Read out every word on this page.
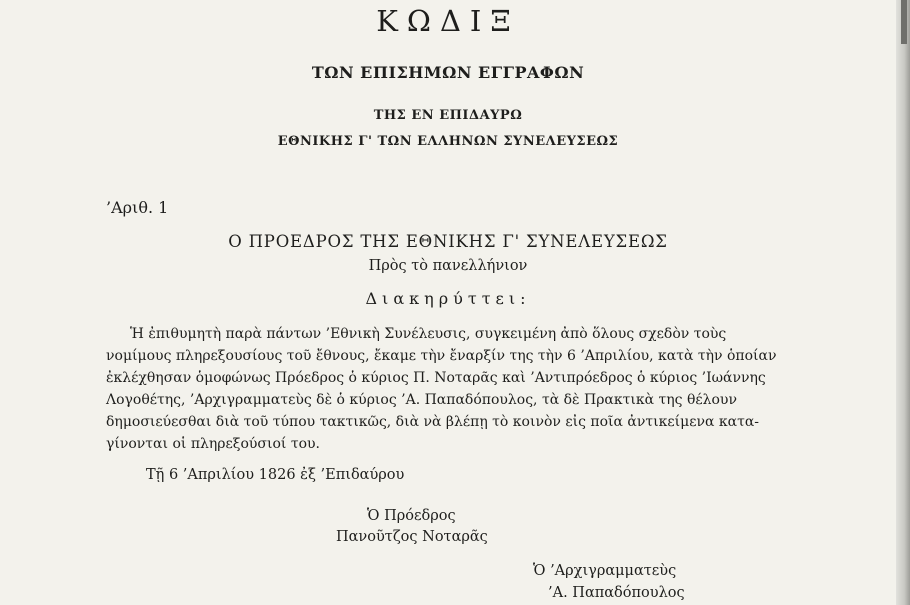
ΚΩΔΙΞ
ΤΩΝ ΕΠΙΣΗΜΩΝ ΕΓΓΡΑΦΩΝ
ΤΗΣ ΕΝ ΕΠΙΔΑΥΡΩ
ΕΘΝΙΚΗΣ Γ' ΤΩΝ ΕΛΛΗΝΩΝ ΣΥΝΕΛΕΥΣΕΩΣ
’Αριθ. 1
Ο ΠΡΟΕΔΡΟΣ ΤΗΣ ΕΘΝΙΚΗΣ Γ' ΣΥΝΕΛΕΥΣΕΩΣ
Πρὸς τὸ πανελλήνιον
Διακηρύττει:
Ἡ ἐπιθυμητὴ παρὰ πάντων ’Εθνικὴ Συνέλευσις, συγκειμένη ἀπὸ ὅλους σχεδὸν τοὺς
νομίμους πληρεξουσίους τοῦ ἔθνους, ἔκαμε τὴν ἔναρξίν της τὴν 6 ’Απριλίου, κατὰ τὴν ὁποίαν
ἐκλέχθησαν ὁμοφώνως Πρόεδρος ὁ κύριος Π. Νοταρᾶς καὶ ’Αντιπρόεδρος ὁ κύριος ’Ιωάννης
Λογοθέτης, ’Αρχιγραμματεὺς δὲ ὁ κύριος ’Α. Παπαδόπουλος, τὰ δὲ Πρακτικὰ της θέλουν
δημοσιεύεσθαι διὰ τοῦ τύπου τακτικῶς, διὰ νὰ βλέπῃ τὸ κοινὸν εἰς ποῖα ἀντικείμενα κατα-
γίνονται οἱ πληρεξούσιοί του.
Τῇ 6 ’Απριλίου 1826 ἐξ ’Επιδαύρου
Ὁ Πρόεδρος
Πανοῦτζος Νοταρᾶς
Ὁ ’Αρχιγραμματεὺς
’Α. Παπαδόπουλος
